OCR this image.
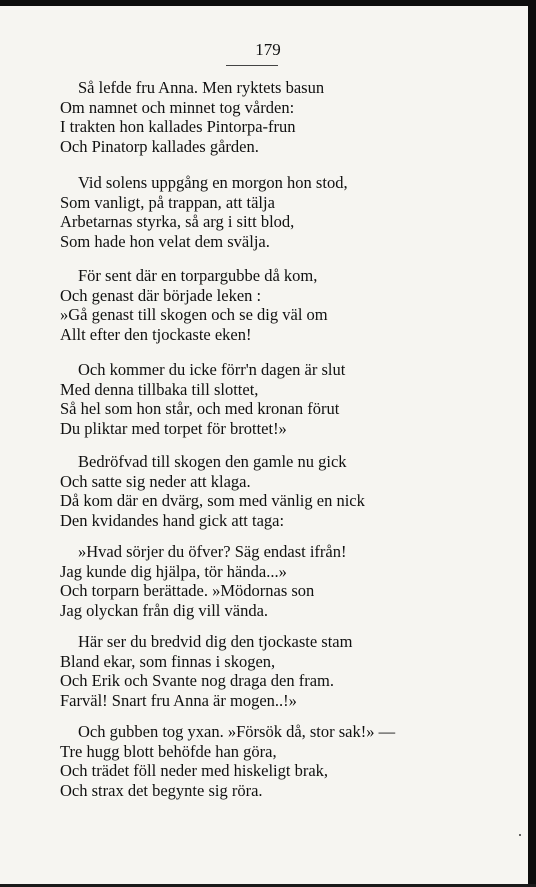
179
Så lefde fru Anna. Men ryktets basun
Om namnet och minnet tog vården:
I trakten hon kallades Pintorpa-frun
Och Pinatorp kallades gården.
Vid solens uppgång en morgon hon stod,
Som vanligt, på trappan, att tälja
Arbetarnas styrka, så arg i sitt blod,
Som hade hon velat dem svälja.
För sent där en torpargubbe då kom,
Och genast där började leken :
»Gå genast till skogen och se dig väl om
Allt efter den tjockaste eken!
Och kommer du icke förr'n dagen är slut
Med denna tillbaka till slottet,
Så hel som hon står, och med kronan förut
Du pliktar med torpet för brottet!»
Bedröfvad till skogen den gamle nu gick
Och satte sig neder att klaga.
Då kom där en dvärg, som med vänlig en nick
Den kvidandes hand gick att taga:
»Hvad sörjer du öfver? Säg endast ifrån!
Jag kunde dig hjälpa, tör hända...»
Och torparn berättade. »Mödornas son
Jag olyckan från dig vill vända.
Här ser du bredvid dig den tjockaste stam
Bland ekar, som finnas i skogen,
Och Erik och Svante nog draga den fram.
Farväl! Snart fru Anna är mogen..!»
Och gubben tog yxan. »Försök då, stor sak!» —
Tre hugg blott behöfde han göra,
Och trädet föll neder med hiskeligt brak,
Och strax det begynte sig röra.
